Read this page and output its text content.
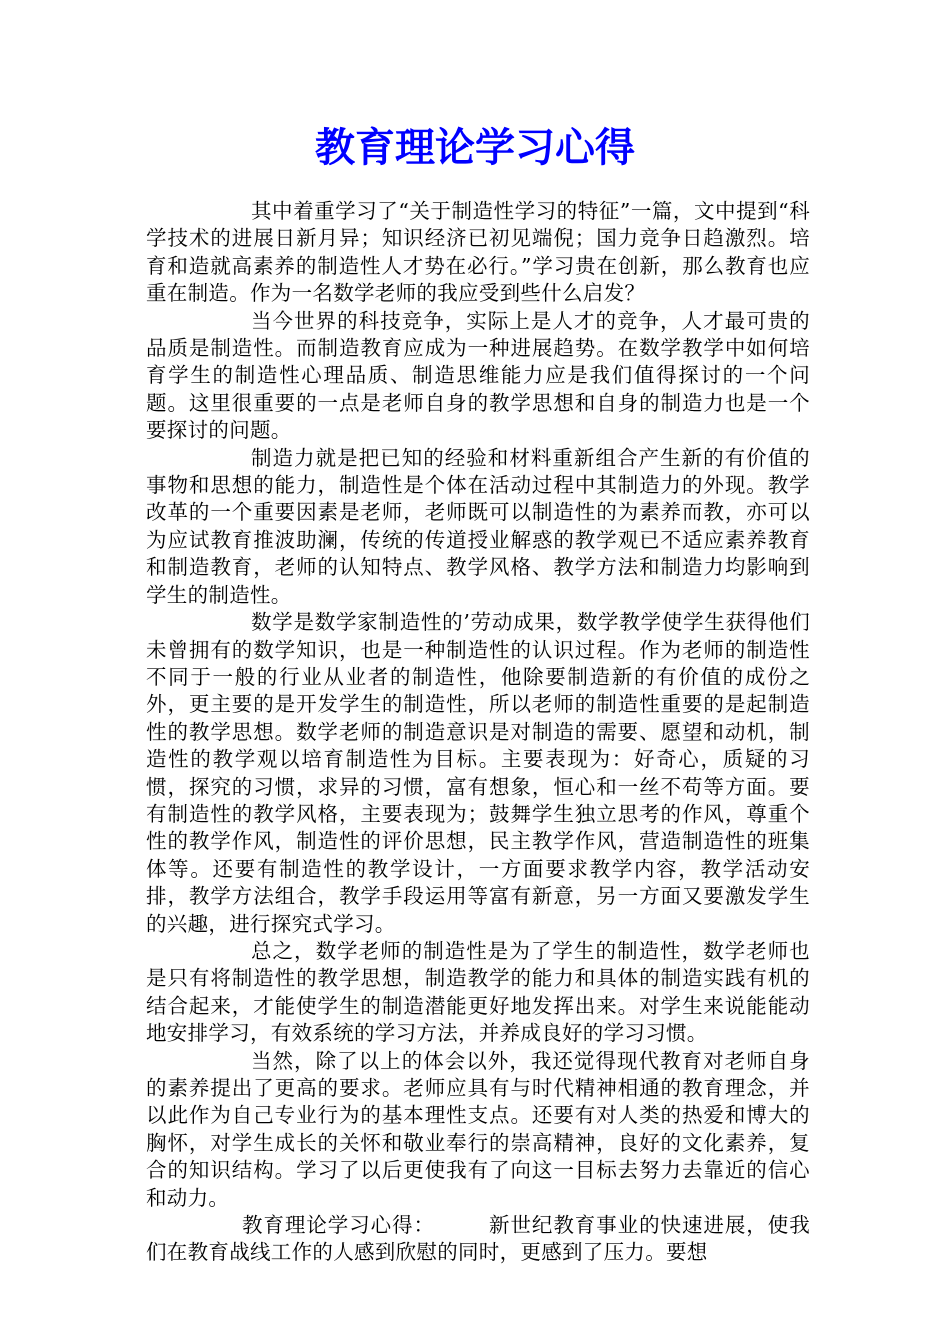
教育理论学习心得

其中着重学习了“关于制造性学习的特征”一篇，文中提到“科学技术的进展日新月异；知识经济已初见端倪；国力竞争日趋激烈。培育和造就高素养的制造性人才势在必行。”学习贵在创新，那么教育也应重在制造。作为一名数学老师的我应受到些什么启发？

当今世界的科技竞争，实际上是人才的竞争，人才最可贵的品质是制造性。而制造教育应成为一种进展趋势。在数学教学中如何培育学生的制造性心理品质、制造思维能力应是我们值得探讨的一个问题。这里很重要的一点是老师自身的教学思想和自身的制造力也是一个要探讨的问题。

制造力就是把已知的经验和材料重新组合产生新的有价值的事物和思想的能力，制造性是个体在活动过程中其制造力的外现。教学改革的一个重要因素是老师，老师既可以制造性的为素养而教，亦可以为应试教育推波助澜，传统的传道授业解惑的教学观已不适应素养教育和制造教育，老师的认知特点、教学风格、教学方法和制造力均影响到学生的制造性。

数学是数学家制造性的’劳动成果，数学教学使学生获得他们未曾拥有的数学知识，也是一种制造性的认识过程。作为老师的制造性不同于一般的行业从业者的制造性，他除要制造新的有价值的成份之外，更主要的是开发学生的制造性，所以老师的制造性重要的是起制造性的教学思想。数学老师的制造意识是对制造的需要、愿望和动机，制造性的教学观以培育制造性为目标。主要表现为：好奇心，质疑的习惯，探究的习惯，求异的习惯，富有想象，恒心和一丝不苟等方面。要有制造性的教学风格，主要表现为；鼓舞学生独立思考的作风，尊重个性的教学作风，制造性的评价思想，民主教学作风，营造制造性的班集体等。还要有制造性的教学设计，一方面要求教学内容，教学活动安排，教学方法组合，教学手段运用等富有新意，另一方面又要激发学生的兴趣，进行探究式学习。

总之，数学老师的制造性是为了学生的制造性，数学老师也是只有将制造性的教学思想，制造教学的能力和具体的制造实践有机的结合起来，才能使学生的制造潜能更好地发挥出来。对学生来说能能动地安排学习，有效系统的学习方法，并养成良好的学习习惯。

当然，除了以上的体会以外，我还觉得现代教育对老师自身的素养提出了更高的要求。老师应具有与时代精神相通的教育理念，并以此作为自己专业行为的基本理性支点。还要有对人类的热爱和博大的胸怀，对学生成长的关怀和敬业奉行的崇高精神，良好的文化素养，复合的知识结构。学习了以后更使我有了向这一目标去努力去靠近的信心和动力。

教育理论学习心得：　　　新世纪教育事业的快速进展，使我们在教育战线工作的人感到欣慰的同时，更感到了压力。要想
